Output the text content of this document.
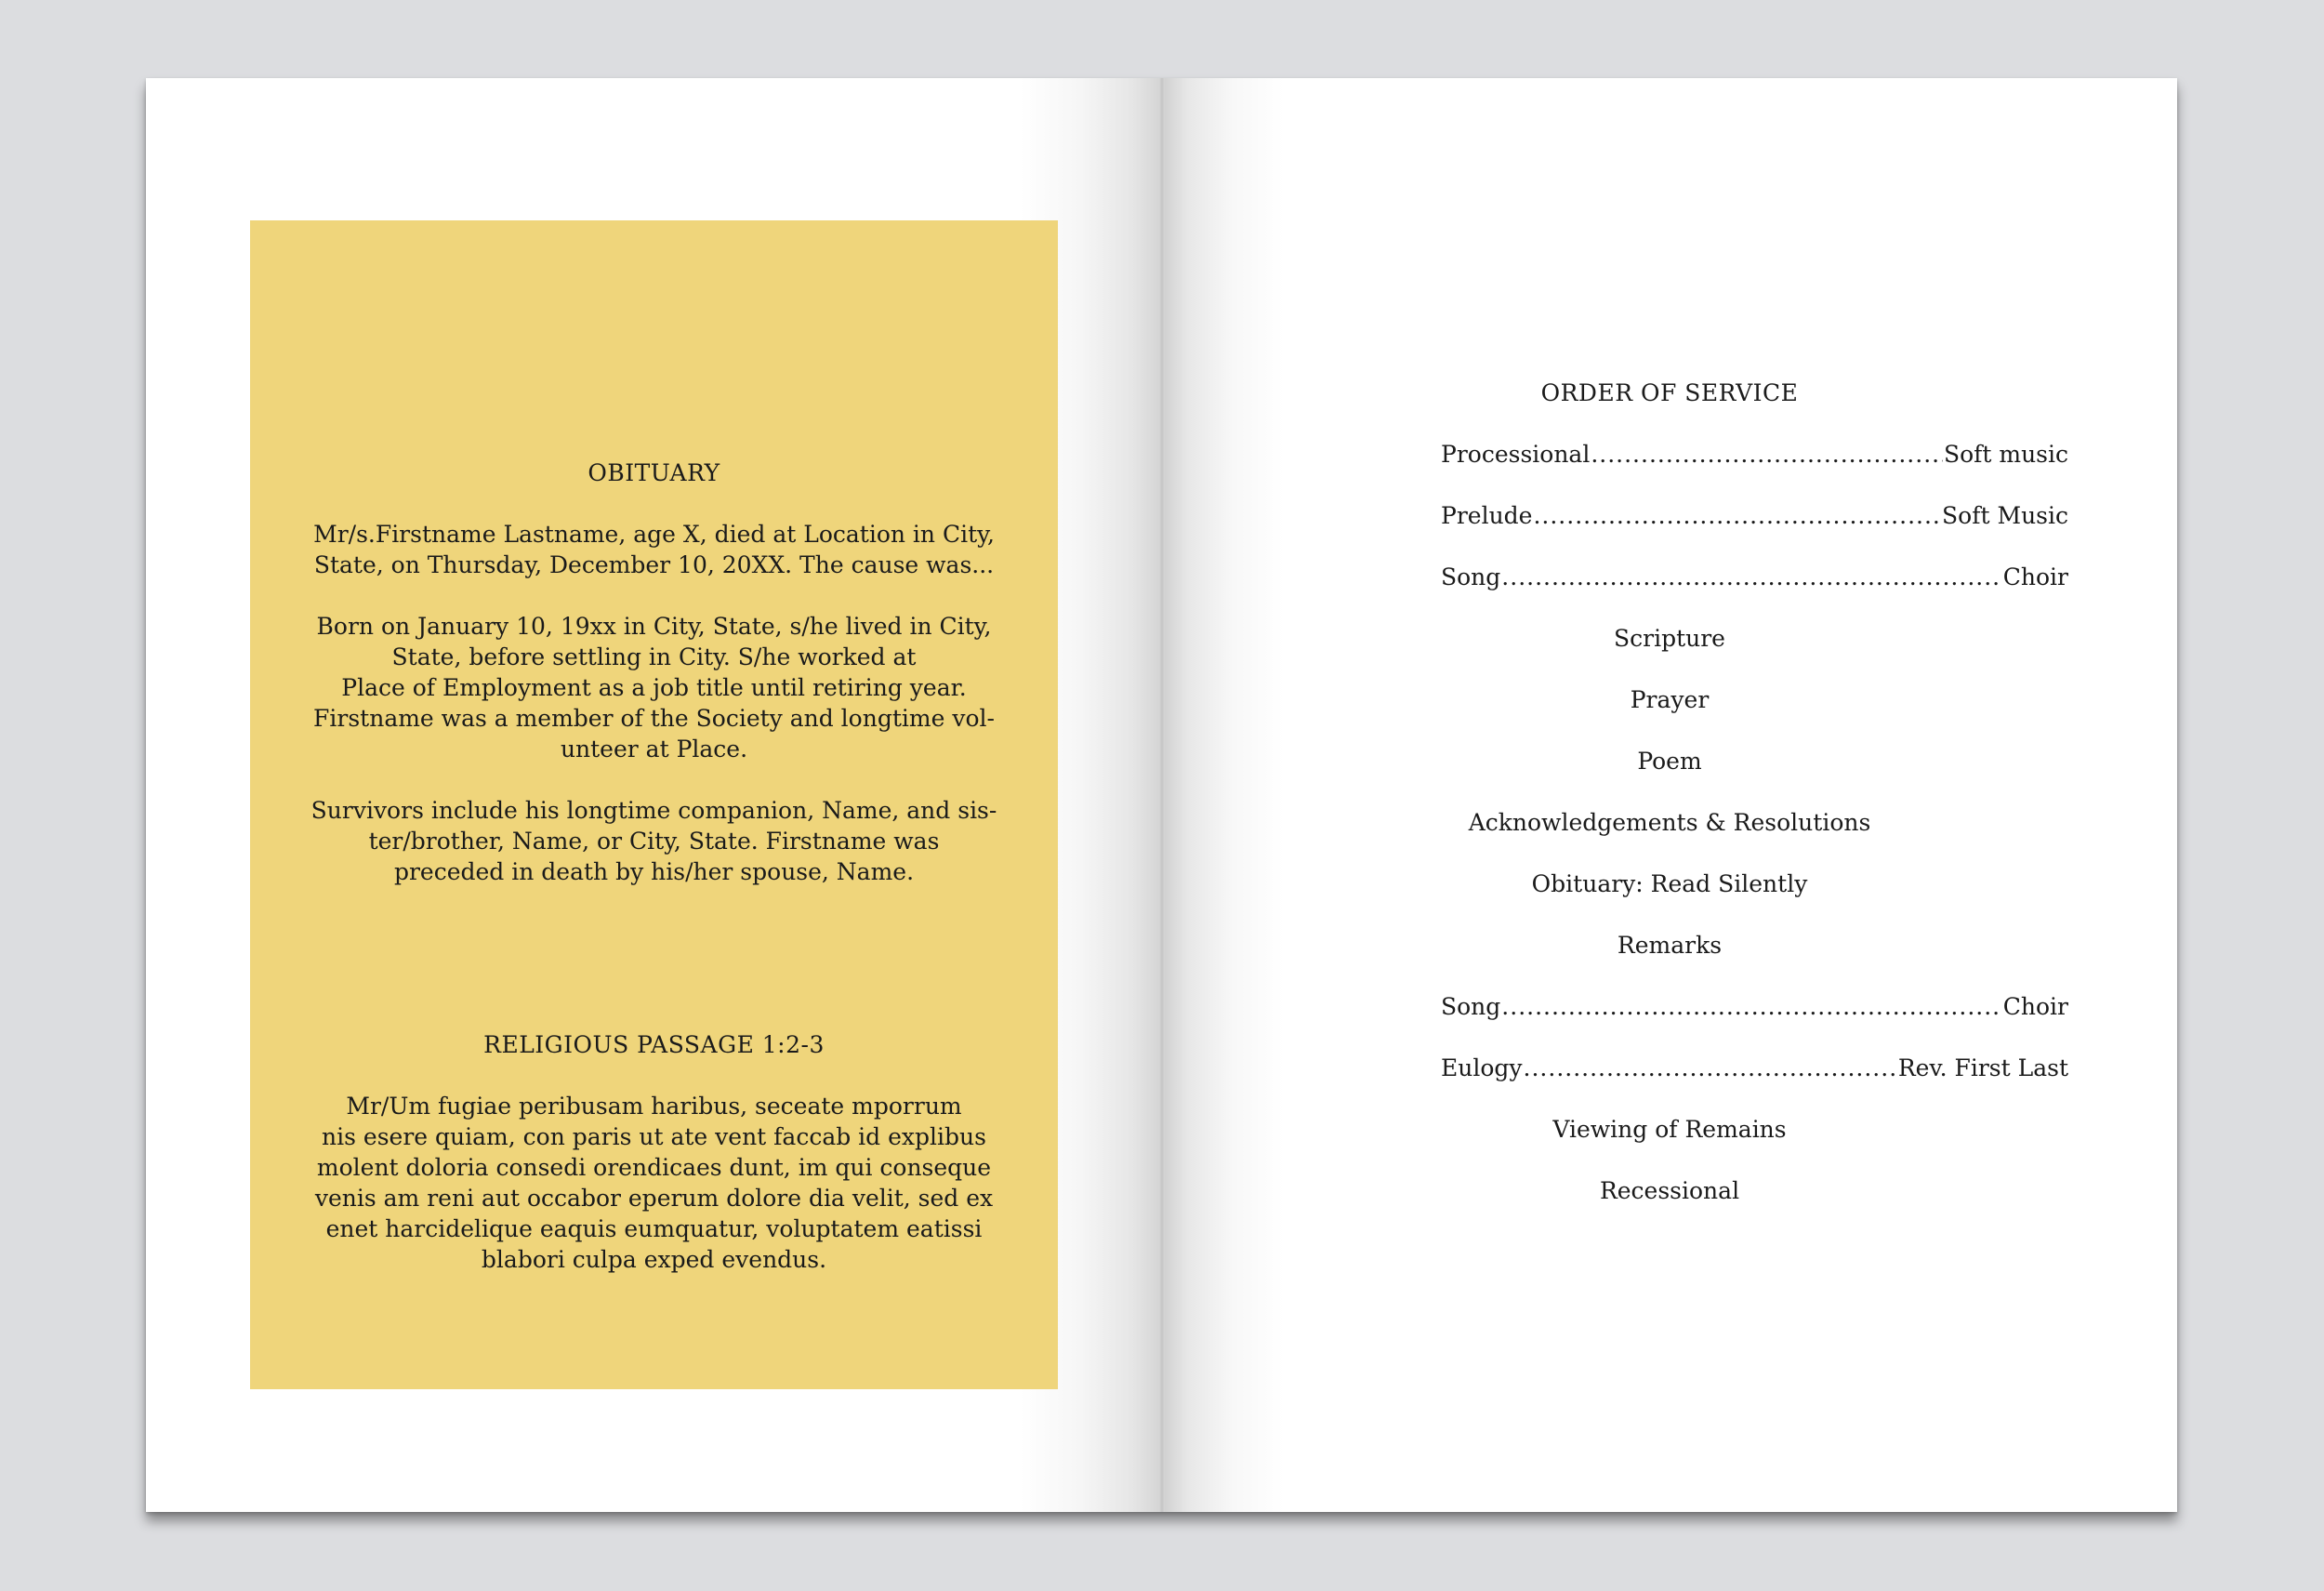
OBITUARY

Mr/s.Firstname Lastname, age X, died at Location in City,

State, on Thursday, December 10, 20XX. The cause was...

Born on January 10, 19xx in City, State, s/he lived in City,

State, before settling in City. S/he worked at

Place of Employment as a job title until retiring year.

Firstname was a member of the Society and longtime vol-

unteer at Place.

Survivors include his longtime companion, Name, and sis-

ter/brother, Name, or City, State. Firstname was

preceded in death by his/her spouse, Name.

RELIGIOUS PASSAGE 1:2-3

Mr/Um fugiae peribusam haribus, seceate mporrum

nis esere quiam, con paris ut ate vent faccab id explibus

molent doloria consedi orendicaes dunt, im qui conseque

venis am reni aut occabor eperum dolore dia velit, sed ex

enet harcidelique eaquis eumquatur, voluptatem eatissi

blabori culpa exped evendus.

ORDER OF SERVICE
Processional .....	Soft music
Prelude .....	Soft Music
Song .....	Choir
Scripture
Prayer
Poem
Acknowledgements & Resolutions
Obituary: Read Silently
Remarks
Song .....	Choir
Eulogy .....	Rev. First Last
Viewing of Remains
Recessional
